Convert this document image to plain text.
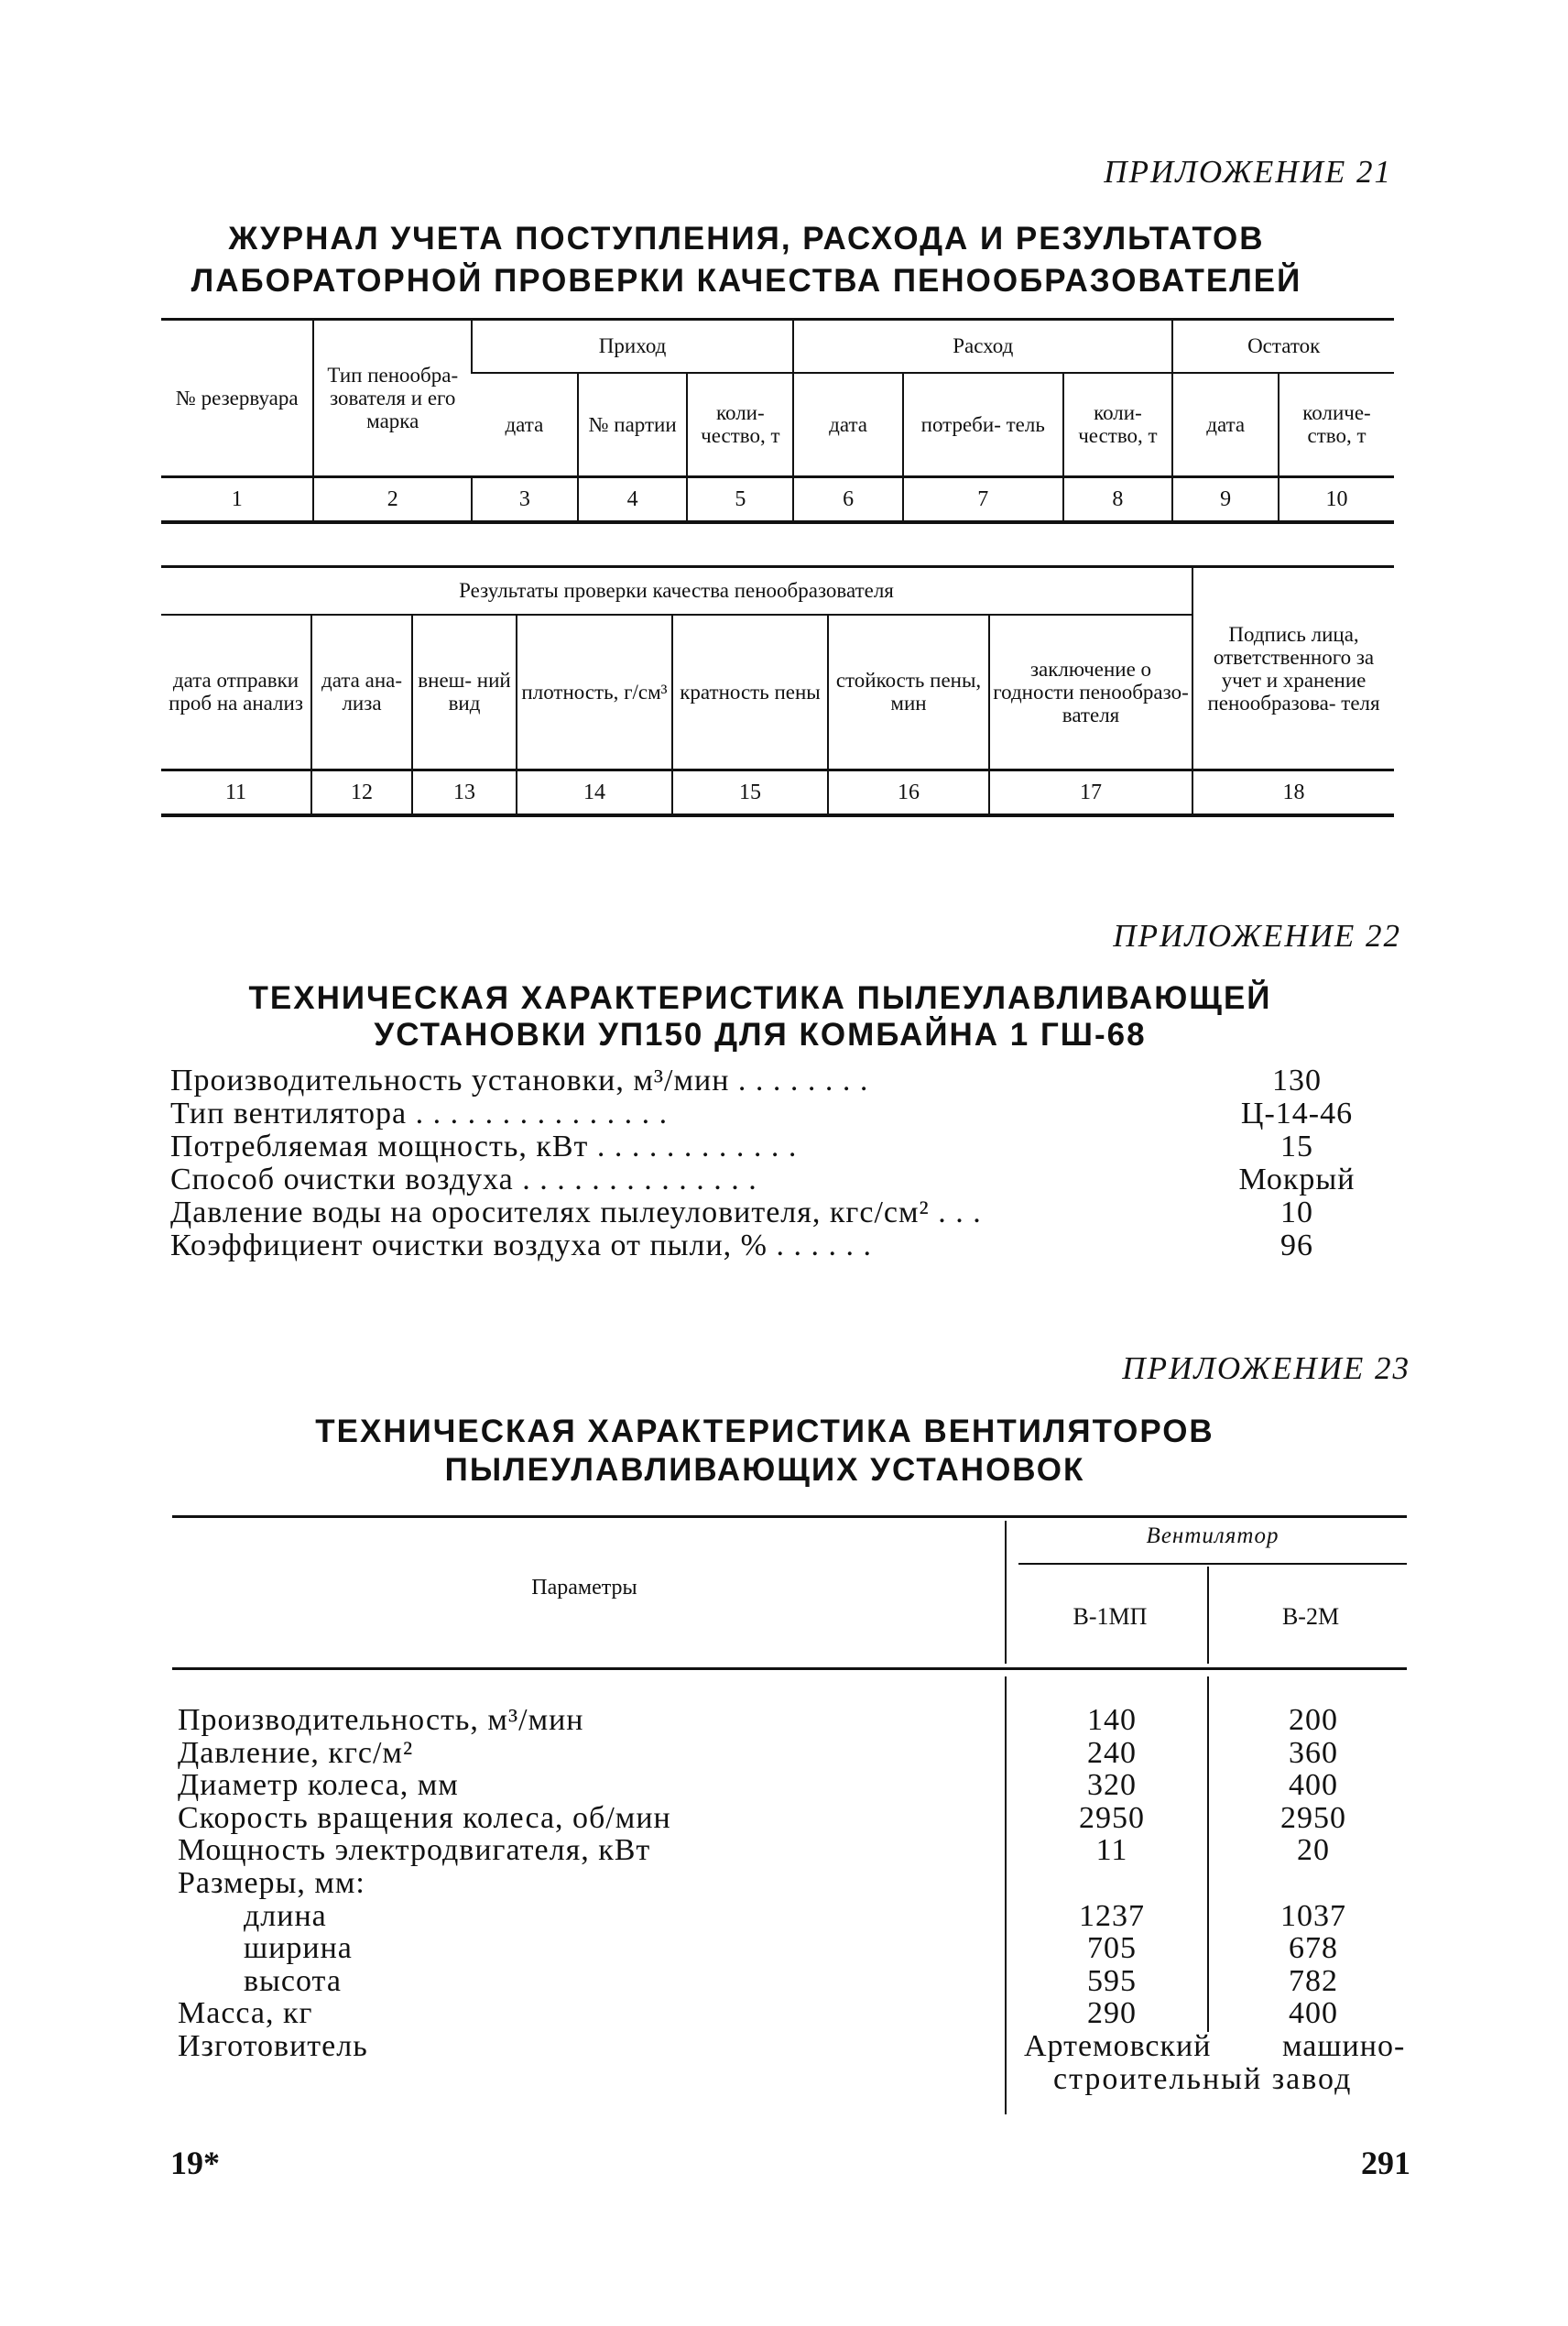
ПРИЛОЖЕНИЕ 21
ЖУРНАЛ УЧЕТА ПОСТУПЛЕНИЯ, РАСХОДА И РЕЗУЛЬТАТОВ
ЛАБОРАТОРНОЙ ПРОВЕРКИ КАЧЕСТВА ПЕНООБРАЗОВАТЕЛЕЙ
№ резервуара	Тип пенообра- зователя и его марка	Приход			Расход			Остаток	
		дата	№ партии	коли- чество, т	дата	потреби- тель	коли- чество, т	дата	количе- ство, т
1	2	3	4	5	6	7	8	9	10
Результаты проверки качества пенообразователя							Подпись лица, ответственного за учет и хранение пенообразова- теля
дата отправки проб на анализ	дата ана- лиза	внеш- ний вид	плотность, г/см³	кратность пены	стойкость пены, мин	заключение о годности пенообразо- вателя	
11	12	13	14	15	16	17	18
ПРИЛОЖЕНИЕ 22
ТЕХНИЧЕСКАЯ ХАРАКТЕРИСТИКА ПЫЛЕУЛАВЛИВАЮЩЕЙ
УСТАНОВКИ УП150 ДЛЯ КОМБАЙНА 1 ГШ-68
Производительность установки, м³/мин . . . . . . . .	130
Тип вентилятора . . . . . . . . . . . . . . .	Ц-14-46
Потребляемая мощность, кВт . . . . . . . . . . . .	15
Способ очистки воздуха . . . . . . . . . . . . . .	Мокрый
Давление воды на оросителях пылеуловителя, кгс/см² . . .	10
Коэффициент очистки воздуха от пыли, % . . . . . .	96
ПРИЛОЖЕНИЕ 23
ТЕХНИЧЕСКАЯ ХАРАКТЕРИСТИКА ВЕНТИЛЯТОРОВ
ПЫЛЕУЛАВЛИВАЮЩИХ УСТАНОВОК
Параметры
Вентилятор
В-1МП	В-2М
Производительность, м³/мин	140	200
Давление, кгс/м²	240	360
Диаметр колеса, мм	320	400
Скорость вращения колеса, об/мин	2950	2950
Мощность электродвигателя, кВт	11	20
Размеры, мм:
длина	1237	1037
ширина	705	678
высота	595	782
Масса, кг	290	400
Изготовитель	Артемовский машино-
строительный завод
19*	291
